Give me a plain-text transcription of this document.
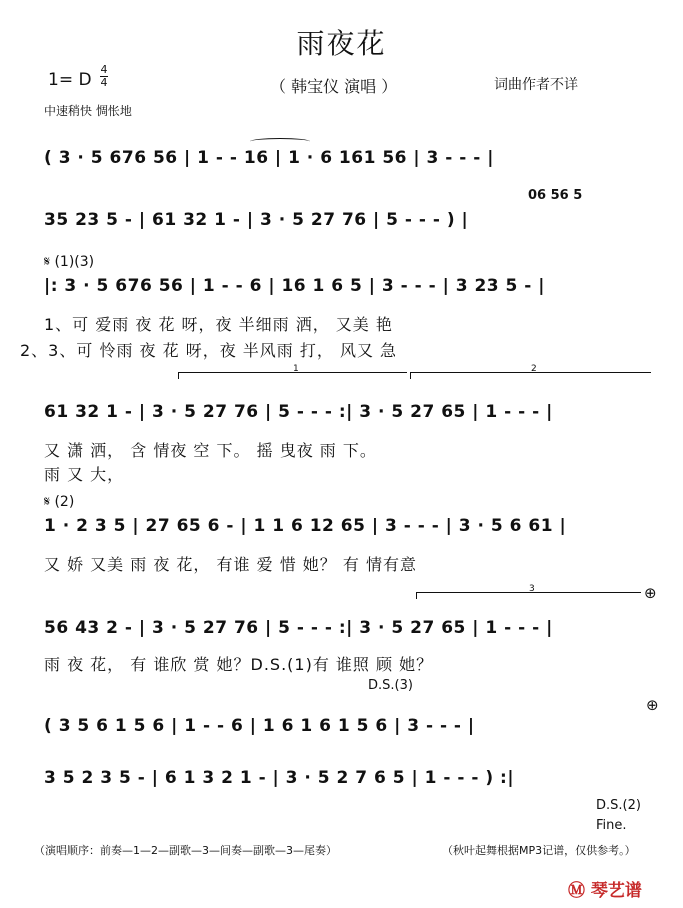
雨夜花
1= D
4
4	（ 韩宝仪 演唱 ）	词曲作者不详
中速稍快 惆怅地
( 3 · 5 676 56 | 1 - - 16 | 1 · 6 161 56 | 3 - - - |
06 56 5
35 23 5 - | 61 32 1 - | 3 · 5 27 76 | 5 - - - ) |
𝄋 (1)(3)
|: 3 · 5 676 56 | 1 - - 6 | 16 1 6 5 | 3 - - - | 3 23 5 - |
1、可 爱雨 夜 花 呀，夜 半细雨 洒， 又美 艳
2、3、可 怜雨 夜 花 呀，夜 半风雨 打， 风又 急
1	2
61 32 1 - | 3 · 5 27 76 | 5 - - - :| 3 · 5 27 65 | 1 - - - |
又 潇 洒， 含 情夜 空 下。 摇 曳夜 雨 下。
雨 又 大，
𝄋 (2)
1 · 2 3 5 | 27 65 6 - | 1 1 6 12 65 | 3 - - - | 3 · 5 6 61 |
又 娇 又美 雨 夜 花， 有谁 爱 惜 她？ 有 情有意
3	⊕
56 43 2 - | 3 · 5 27 76 | 5 - - - :| 3 · 5 27 65 | 1 - - - |
雨 夜 花， 有 谁欣 赏 她？D.S.(1)有 谁照 顾 她？
D.S.(3)
⊕
( 3 5 6 1 5 6 | 1 - - 6 | 1 6 1 6 1 5 6 | 3 - - - |
3 5 2 3 5 - | 6 1 3 2 1 - | 3 · 5 2 7 6 5 | 1 - - - ) :|
D.S.(2)
Fine.
（演唱顺序：前奏—1—2—副歌—3—间奏—副歌—3—尾奏）	（秋叶起舞根据MP3记谱，仅供参考。）
Ⓜ 琴艺谱
